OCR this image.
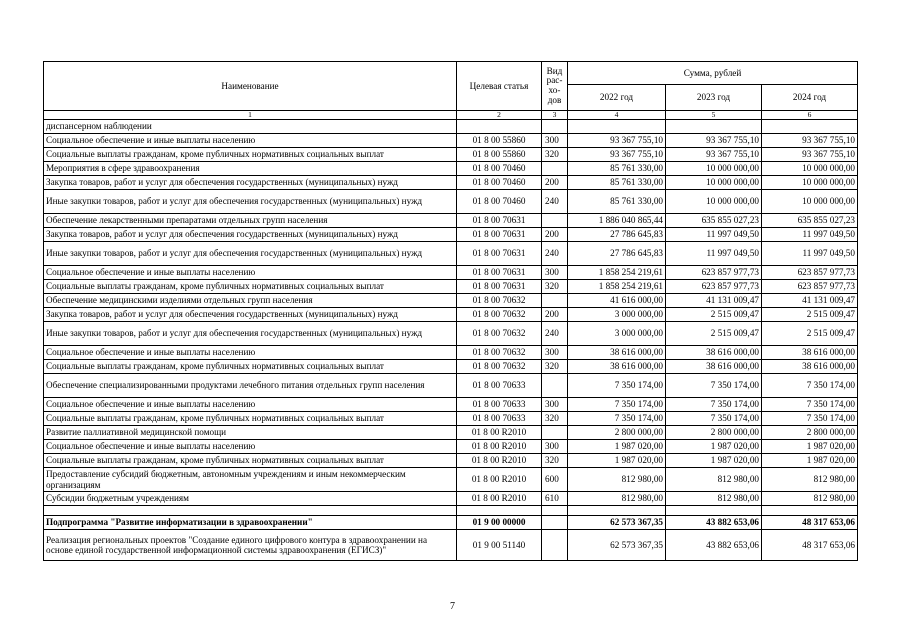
Наименование	Целевая статья	Вид
рас-
хо-
дов	Сумма, рублей		
			2022 год	2023 год	2024 год
1	2	3	4	5	6
диспансерном наблюдении					
Социальное обеспечение и иные выплаты населению	01 8 00 55860	300	93 367 755,10	93 367 755,10	93 367 755,10
Социальные выплаты гражданам, кроме публичных нормативных социальных выплат	01 8 00 55860	320	93 367 755,10	93 367 755,10	93 367 755,10
Мероприятия в сфере здравоохранения	01 8 00 70460		85 761 330,00	10 000 000,00	10 000 000,00
Закупка товаров, работ и услуг для обеспечения государственных (муниципальных) нужд	01 8 00 70460	200	85 761 330,00	10 000 000,00	10 000 000,00
Иные закупки товаров, работ и услуг для обеспечения государственных (муниципальных) нужд	01 8 00 70460	240	85 761 330,00	10 000 000,00	10 000 000,00
Обеспечение лекарственными препаратами отдельных групп населения	01 8 00 70631		1 886 040 865,44	635 855 027,23	635 855 027,23
Закупка товаров, работ и услуг для обеспечения государственных (муниципальных) нужд	01 8 00 70631	200	27 786 645,83	11 997 049,50	11 997 049,50
Иные закупки товаров, работ и услуг для обеспечения государственных (муниципальных) нужд	01 8 00 70631	240	27 786 645,83	11 997 049,50	11 997 049,50
Социальное обеспечение и иные выплаты населению	01 8 00 70631	300	1 858 254 219,61	623 857 977,73	623 857 977,73
Социальные выплаты гражданам, кроме публичных нормативных социальных выплат	01 8 00 70631	320	1 858 254 219,61	623 857 977,73	623 857 977,73
Обеспечение медицинскими изделиями отдельных групп населения	01 8 00 70632		41 616 000,00	41 131 009,47	41 131 009,47
Закупка товаров, работ и услуг для обеспечения государственных (муниципальных) нужд	01 8 00 70632	200	3 000 000,00	2 515 009,47	2 515 009,47
Иные закупки товаров, работ и услуг для обеспечения государственных (муниципальных) нужд	01 8 00 70632	240	3 000 000,00	2 515 009,47	2 515 009,47
Социальное обеспечение и иные выплаты населению	01 8 00 70632	300	38 616 000,00	38 616 000,00	38 616 000,00
Социальные выплаты гражданам, кроме публичных нормативных социальных выплат	01 8 00 70632	320	38 616 000,00	38 616 000,00	38 616 000,00
Обеспечение специализированными продуктами лечебного питания отдельных групп населения	01 8 00 70633		7 350 174,00	7 350 174,00	7 350 174,00
Социальное обеспечение и иные выплаты населению	01 8 00 70633	300	7 350 174,00	7 350 174,00	7 350 174,00
Социальные выплаты гражданам, кроме публичных нормативных социальных выплат	01 8 00 70633	320	7 350 174,00	7 350 174,00	7 350 174,00
Развитие паллиативной медицинской помощи	01 8 00 R2010		2 800 000,00	2 800 000,00	2 800 000,00
Социальное обеспечение и иные выплаты населению	01 8 00 R2010	300	1 987 020,00	1 987 020,00	1 987 020,00
Социальные выплаты гражданам, кроме публичных нормативных социальных выплат	01 8 00 R2010	320	1 987 020,00	1 987 020,00	1 987 020,00
Предоставление субсидий бюджетным, автономным учреждениям и иным некоммерческим организациям	01 8 00 R2010	600	812 980,00	812 980,00	812 980,00
Субсидии бюджетным учреждениям	01 8 00 R2010	610	812 980,00	812 980,00	812 980,00

Подпрограмма "Развитие информатизации в здравоохранении"	01 9 00 00000		62 573 367,35	43 882 653,06	48 317 653,06
Реализация региональных проектов "Создание единого цифрового контура в здравоохранении на основе единой государственной информационной системы здравоохранения (ЕГИСЗ)"	01 9 00 51140		62 573 367,35	43 882 653,06	48 317 653,06
7
